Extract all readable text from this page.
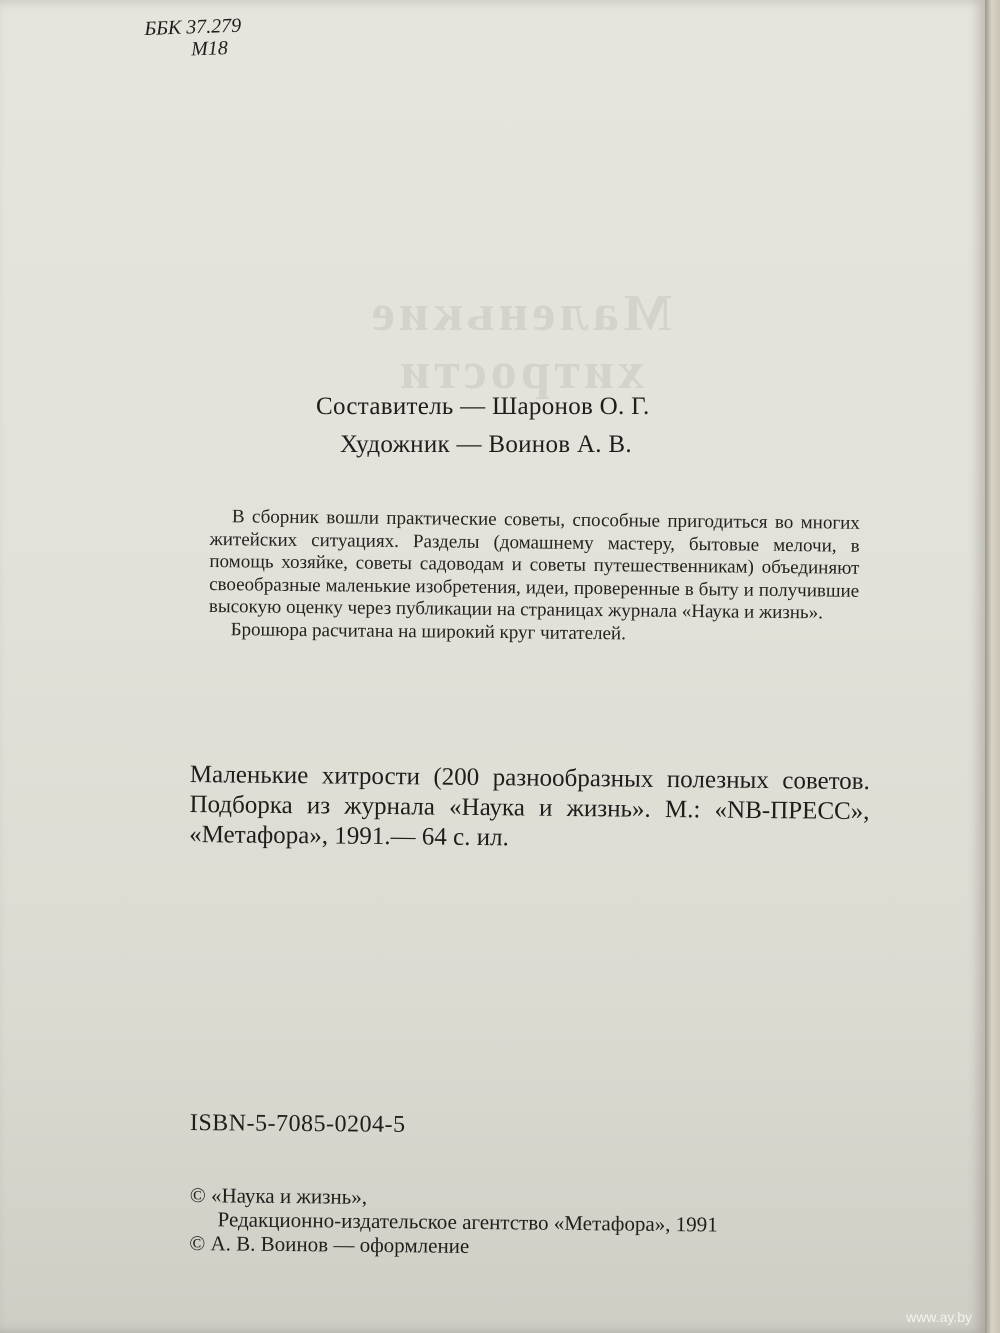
ББК 37.279
М18
Маленькие
хитрости
Составитель — Шаронов О. Г.
Художник — Воинов А. В.

В сборник вошли практические советы, способные пригодиться во многих житейских ситуациях. Разделы (домашнему мастеру, бытовые мелочи, в помощь хозяйке, советы садоводам и советы путешественникам) объединяют своеобразные маленькие изобретения, идеи, проверенные в быту и получившие высокую оценку через публикации на страницах журнала «Наука и жизнь».

Брошюра расчитана на широкий круг читателей.

Маленькие хитрости (200 разнообразных полезных советов. Подборка из журнала «Наука и жизнь». М.: «NB-ПРЕСС», «Метафора», 1991.— 64 с. ил.

ISBN-5-7085-0204-5

© «Наука и жизнь»,

Редакционно-издательское агентство «Метафора», 1991

© А. В. Воинов — оформление

www.ay.by
